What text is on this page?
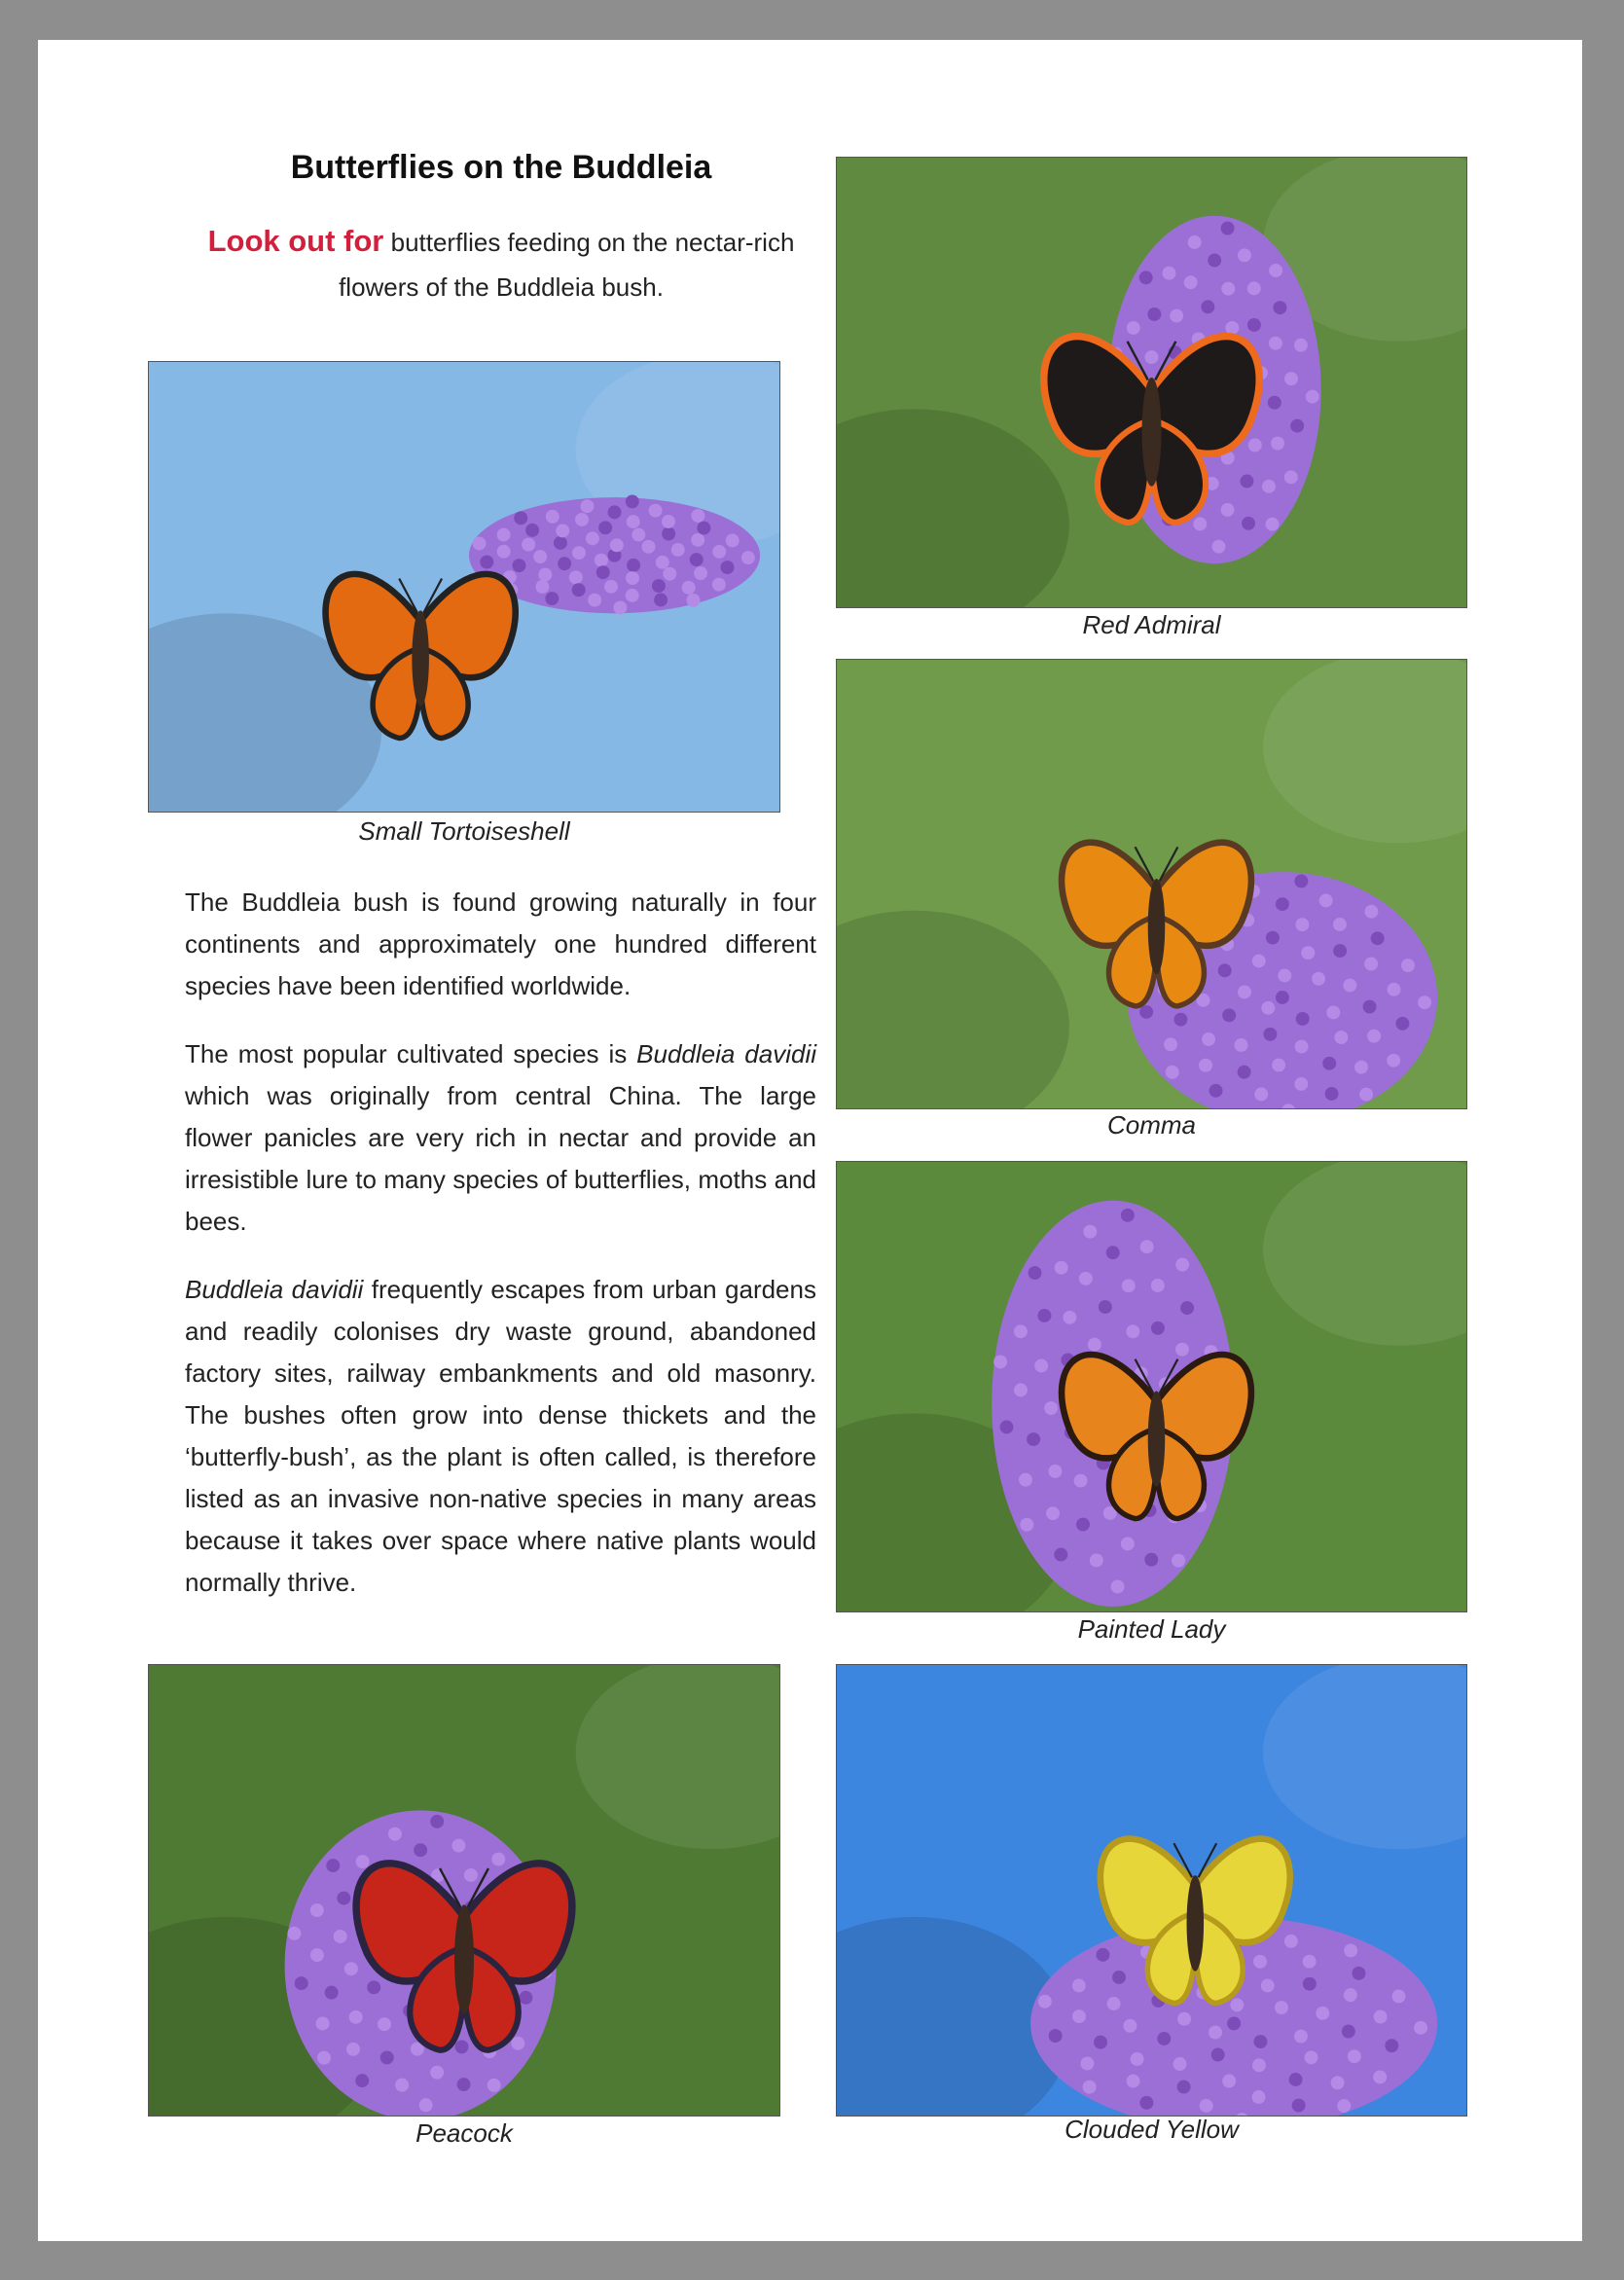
Butterflies on the Buddleia
Look out for butterflies feeding on the nectar-rich flowers of the Buddleia bush.
Small Tortoiseshell

The Buddleia bush is found growing naturally in four continents and approximately one hundred different species have been identified worldwide.

The most popular cultivated species is Buddleia davidii which was originally from central China. The large flower panicles are very rich in nectar and provide an irresistible lure to many species of butterflies, moths and bees.

Buddleia davidii frequently escapes from urban gardens and readily colonises dry waste ground, abandoned factory sites, railway embankments and old masonry. The bushes often grow into dense thickets and the ‘butterfly-bush’, as the plant is often called, is therefore listed as an invasive non-native species in many areas because it takes over space where native plants would normally thrive.

Peacock
Red Admiral
Comma
Painted Lady
Clouded Yellow
